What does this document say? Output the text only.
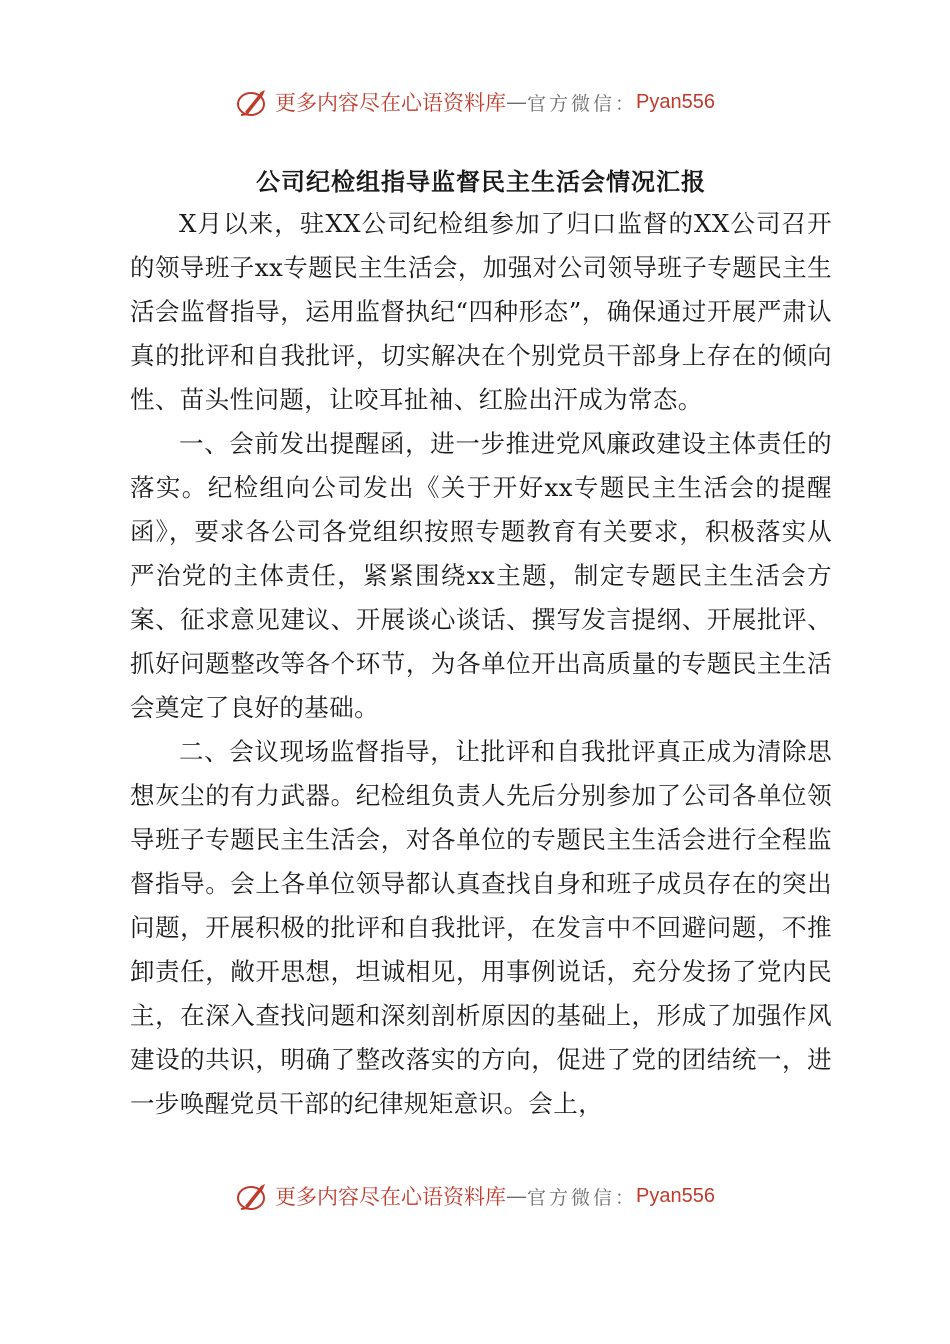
更多内容尽在心语资料库 — 官方微信 ： Pyan556
公司纪检组指导监督民主生活会情况汇报

X月以来，驻XX公司纪检组参加了归口监督的XX公司召开的领导班子xx专题民主生活会，加强对公司领导班子专题民主生活会监督指导，运用监督执纪“四种形态”，确保通过开展严肃认真的批评和自我批评，切实解决在个别党员干部身上存在的倾向性、苗头性问题，让咬耳扯袖、红脸出汗成为常态。

一、会前发出提醒函，进一步推进党风廉政建设主体责任的落实。纪检组向公司发出《关于开好xx专题民主生活会的提醒函》，要求各公司各党组织按照专题教育有关要求，积极落实从严治党的主体责任，紧紧围绕xx主题，制定专题民主生活会方案、征求意见建议、开展谈心谈话、撰写发言提纲、开展批评、抓好问题整改等各个环节，为各单位开出高质量的专题民主生活会奠定了良好的基础。

二、会议现场监督指导，让批评和自我批评真正成为清除思想灰尘的有力武器。纪检组负责人先后分别参加了公司各单位领导班子专题民主生活会，对各单位的专题民主生活会进行全程监督指导。会上各单位领导都认真查找自身和班子成员存在的突出问题，开展积极的批评和自我批评，在发言中不回避问题，不推卸责任，敞开思想，坦诚相见，用事例说话，充分发扬了党内民主，在深入查找问题和深刻剖析原因的基础上，形成了加强作风建设的共识，明确了整改落实的方向，促进了党的团结统一，进一步唤醒党员干部的纪律规矩意识。会上，

更多内容尽在心语资料库 — 官方微信 ： Pyan556
